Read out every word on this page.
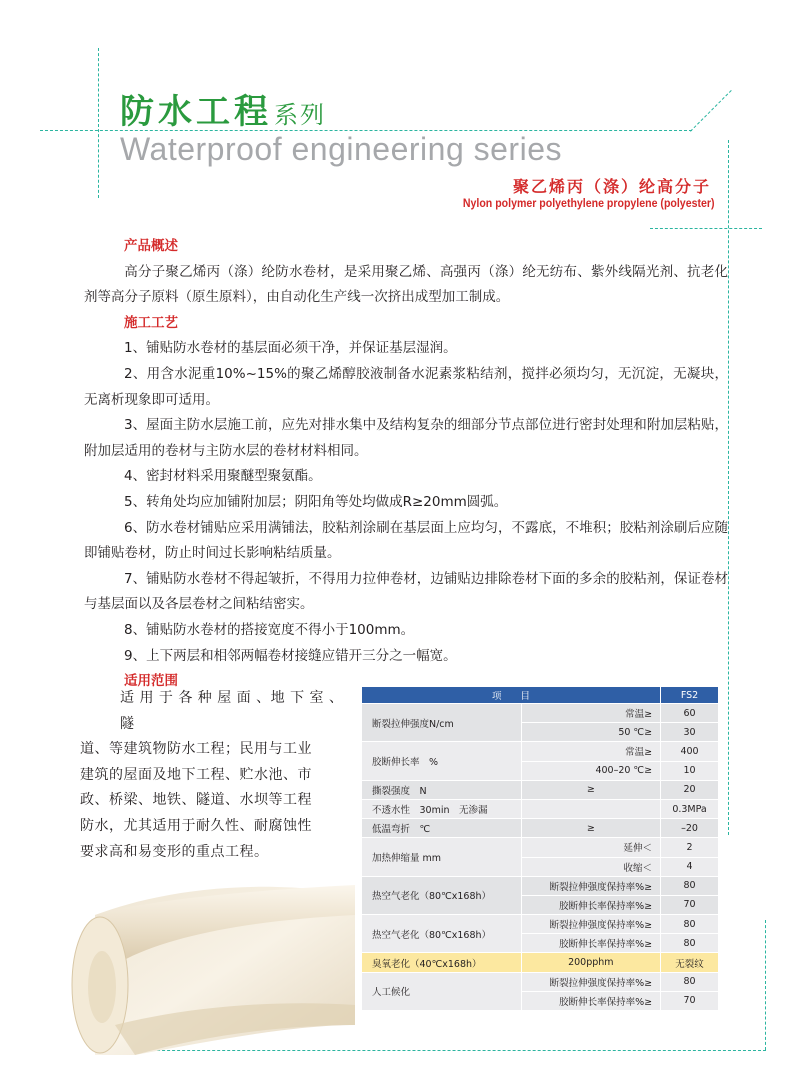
防水工程系列
Waterproof engineering series
聚乙烯丙（涤）纶高分子
Nylon polymer polyethylene propylene (polyester)

产品概述

高分子聚乙烯丙（涤）纶防水卷材，是采用聚乙烯、高强丙（涤）纶无纺布、紫外线隔光剂、抗老化剂等高分子原料（原生原料），由自动化生产线一次挤出成型加工制成。

施工工艺

1、铺贴防水卷材的基层面必须干净，并保证基层湿润。

2、用含水泥重10%~15%的聚乙烯醇胶液制备水泥素浆粘结剂，搅拌必须均匀，无沉淀，无凝块，无离析现象即可适用。

3、屋面主防水层施工前，应先对排水集中及结构复杂的细部分节点部位进行密封处理和附加层粘贴，附加层适用的卷材与主防水层的卷材材料相同。

4、密封材料采用聚醚型聚氨酯。

5、转角处均应加铺附加层；阴阳角等处均做成R≥20mm圆弧。

6、防水卷材铺贴应采用满铺法，胶粘剂涂刷在基层面上应均匀，不露底，不堆积；胶粘剂涂刷后应随即铺贴卷材，防止时间过长影响粘结质量。

7、铺贴防水卷材不得起皱折，不得用力拉伸卷材，边铺贴边排除卷材下面的多余的胶粘剂，保证卷材与基层面以及各层卷材之间粘结密实。

8、铺贴防水卷材的搭接宽度不得小于100mm。

9、上下两层和相邻两幅卷材接缝应错开三分之一幅宽。

适用范围

适 用 于 各 种 屋 面 、地 下 室 、隧

道、等建筑物防水工程；民用与工业

建筑的屋面及地下工程、贮水池、市

政、桥梁、地铁、隧道、水坝等工程

防水，尤其适用于耐久性、耐腐蚀性

要求高和易变形的重点工程。

项　　目		FS2
断裂拉伸强度N/cm	常温≥	60
	50 ℃≥	30
胶断伸长率　%	常温≥	400
	400–20 ℃≥	10
撕裂强度　N	≥	20
不透水性　30min　无渗漏		0.3MPa
低温弯折　℃	≥	–20
加热伸缩量 mm	延伸＜	2
	收缩＜	4
热空气老化（80℃x168h）	断裂拉伸强度保持率%≥	80
	胶断伸长率保持率%≥	70
热空气老化（80℃x168h）	断裂拉伸强度保持率%≥	80
	胶断伸长率保持率%≥	80
臭氧老化（40℃x168h）	200pphm	无裂纹
人工候化	断裂拉伸强度保持率%≥	80
	胶断伸长率保持率%≥	70
